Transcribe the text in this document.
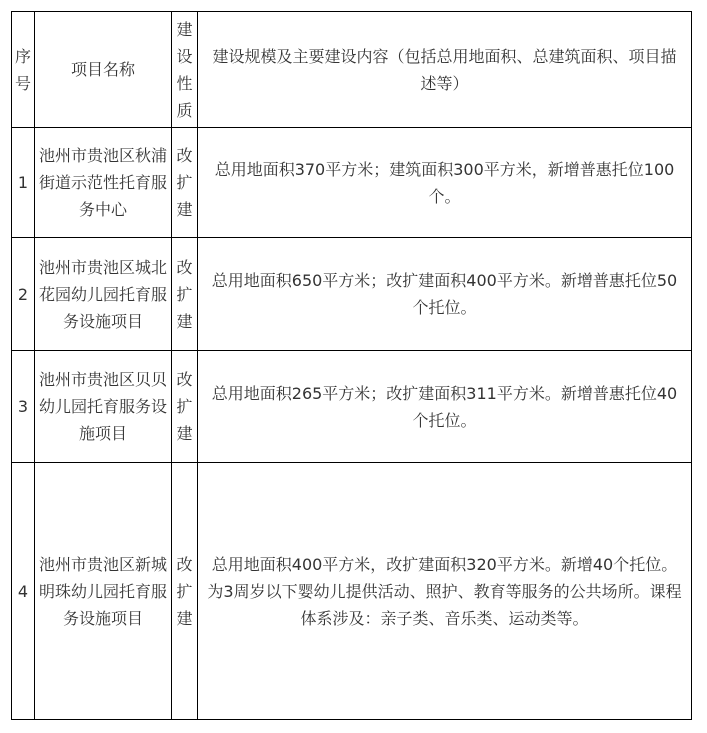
序号	项目名称	建设性质	建设规模及主要建设内容（包括总用地面积、总建筑面积、项目描述等）
1	池州市贵池区秋浦街道示范性托育服务中心	改扩建	总用地面积370平方米；建筑面积300平方米，新增普惠托位100个。
2	池州市贵池区城北花园幼儿园托育服务设施项目	改扩建	总用地面积650平方米；改扩建面积400平方米。新增普惠托位50个托位。
3	池州市贵池区贝贝幼儿园托育服务设施项目	改扩建	总用地面积265平方米；改扩建面积311平方米。新增普惠托位40个托位。
4	池州市贵池区新城明珠幼儿园托育服务设施项目	改扩建	总用地面积400平方米，改扩建面积320平方米。新增40个托位。为3周岁以下婴幼儿提供活动、照护、教育等服务的公共场所。课程体系涉及：亲子类、音乐类、运动类等。
